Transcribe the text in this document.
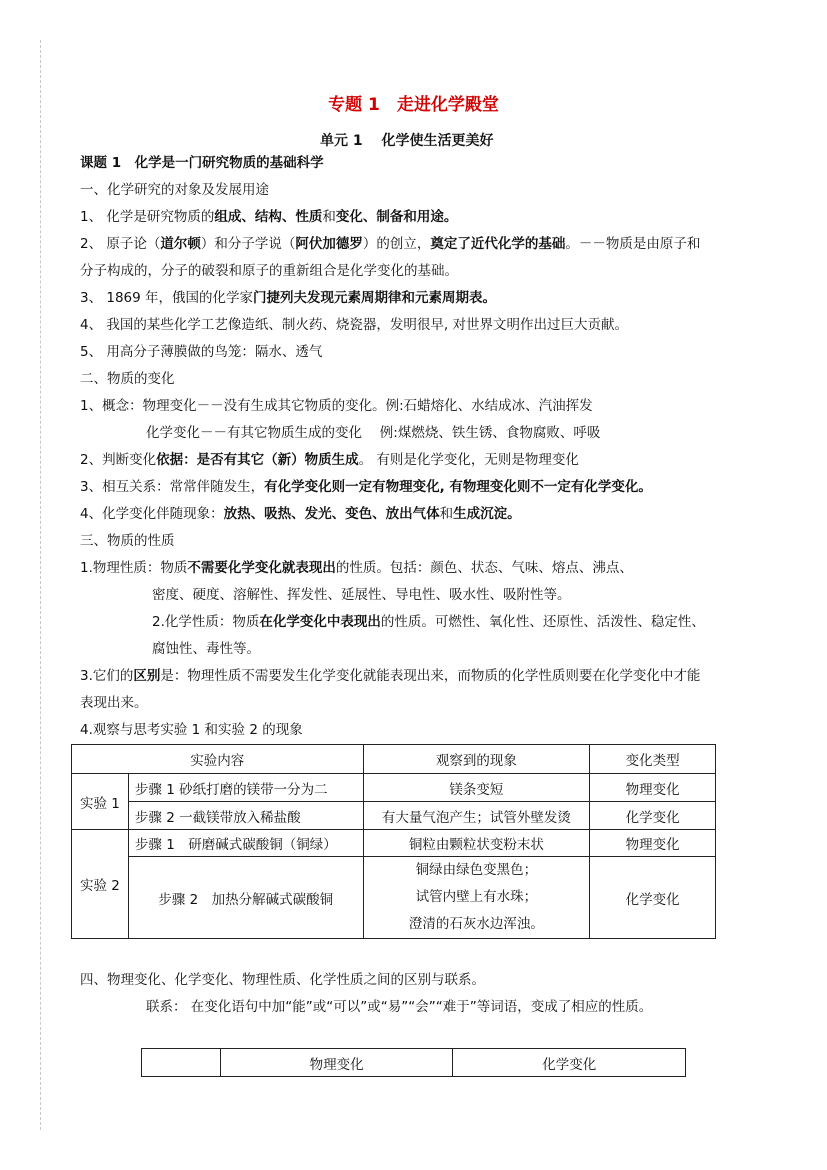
专题 1　走进化学殿堂
单元 1　 化学使生活更美好
课题 1　化学是一门研究物质的基础科学
一、化学研究的对象及发展用途
1、 化学是研究物质的组成、结构、性质和变化、制备和用途。
2、 原子论（道尔顿）和分子学说（阿伏加德罗）的创立，奠定了近代化学的基础。－－物质是由原子和
分子构成的，分子的破裂和原子的重新组合是化学变化的基础。
3、 1869 年，俄国的化学家门捷列夫发现元素周期律和元素周期表。
4、 我国的某些化学工艺像造纸、制火药、烧瓷器，发明很早, 对世界文明作出过巨大贡献。
5、 用高分子薄膜做的鸟笼：隔水、透气
二、物质的变化
1、概念：物理变化－－没有生成其它物质的变化。例:石蜡熔化、水结成冰、汽油挥发
化学变化－－有其它物质生成的变化　 例:煤燃烧、铁生锈、食物腐败、呼吸
2、判断变化依据：是否有其它（新）物质生成。 有则是化学变化，无则是物理变化
3、相互关系：常常伴随发生，有化学变化则一定有物理变化, 有物理变化则不一定有化学变化。
4、化学变化伴随现象：放热、吸热、发光、变色、放出气体和生成沉淀。
三、物质的性质
1.物理性质：物质不需要化学变化就表现出的性质。包括：颜色、状态、气味、熔点、沸点、
密度、硬度、溶解性、挥发性、延展性、导电性、吸水性、吸附性等。
2.化学性质：物质在化学变化中表现出的性质。可燃性、氧化性、还原性、活泼性、稳定性、
腐蚀性、毒性等。
3.它们的区别是：物理性质不需要发生化学变化就能表现出来，而物质的化学性质则要在化学变化中才能
表现出来。
4.观察与思考实验 1 和实验 2 的现象
实验内容		观察到的现象	变化类型
实验 1	步骤 1 砂纸打磨的镁带一分为二	镁条变短	物理变化
	步骤 2 一截镁带放入稀盐酸	有大量气泡产生；试管外壁发烫	化学变化
实验 2	步骤 1　研磨碱式碳酸铜（铜绿）	铜粒由颗粒状变粉末状	物理变化
	步骤 2　加热分解碱式碳酸铜	铜绿由绿色变黑色；
试管内壁上有水珠；
澄清的石灰水边浑浊。	化学变化
四、物理变化、化学变化、物理性质、化学性质之间的区别与联系。
联系： 在变化语句中加“能”或“可以”或“易”“会”“难于”等词语，变成了相应的性质。
	物理变化	化学变化
